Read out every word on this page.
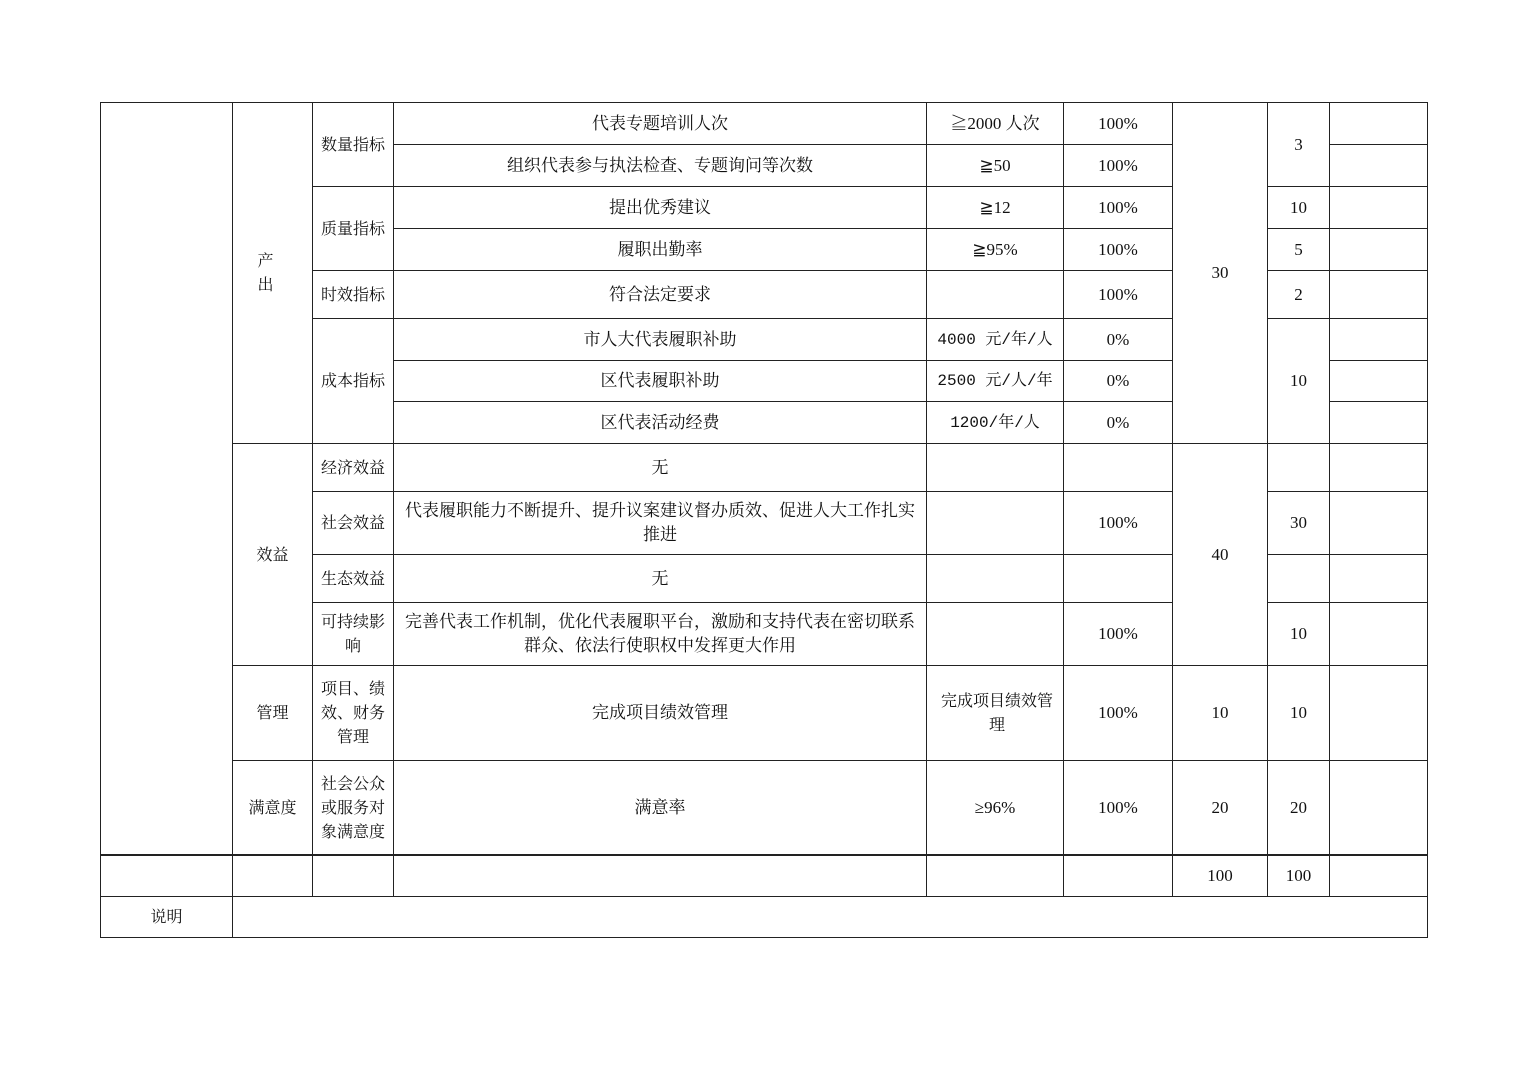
	产 出	数量指标	代表专题培训人次	≧2000 人次	100%	30	3	
			组织代表参与执法检查、专题询问等次数	≧50	100%			
		质量指标	提出优秀建议	≧12	100%		10	
			履职出勤率	≧95%	100%		5	
		时效指标	符合法定要求		100%		2	
		成本指标	市人大代表履职补助	4000 元/年/人	0%		10	
			区代表履职补助	2500 元/人/年	0%			
			区代表活动经费	1200/年/人	0%			
	效益	经济效益	无			40		
		社会效益	代表履职能力不断提升、提升议案建议督办质效、促进人大工作扎实推进		100%		30	
		生态效益	无					
		可持续影响	完善代表工作机制，优化代表履职平台，激励和支持代表在密切联系群众、依法行使职权中发挥更大作用		100%		10	
	管理	项目、绩效、财务管理	完成项目绩效管理	完成项目绩效管理	100%	10	10	
	满意度	社会公众或服务对象满意度	满意率	≥96%	100%	20	20	
						100	100	
说明								
